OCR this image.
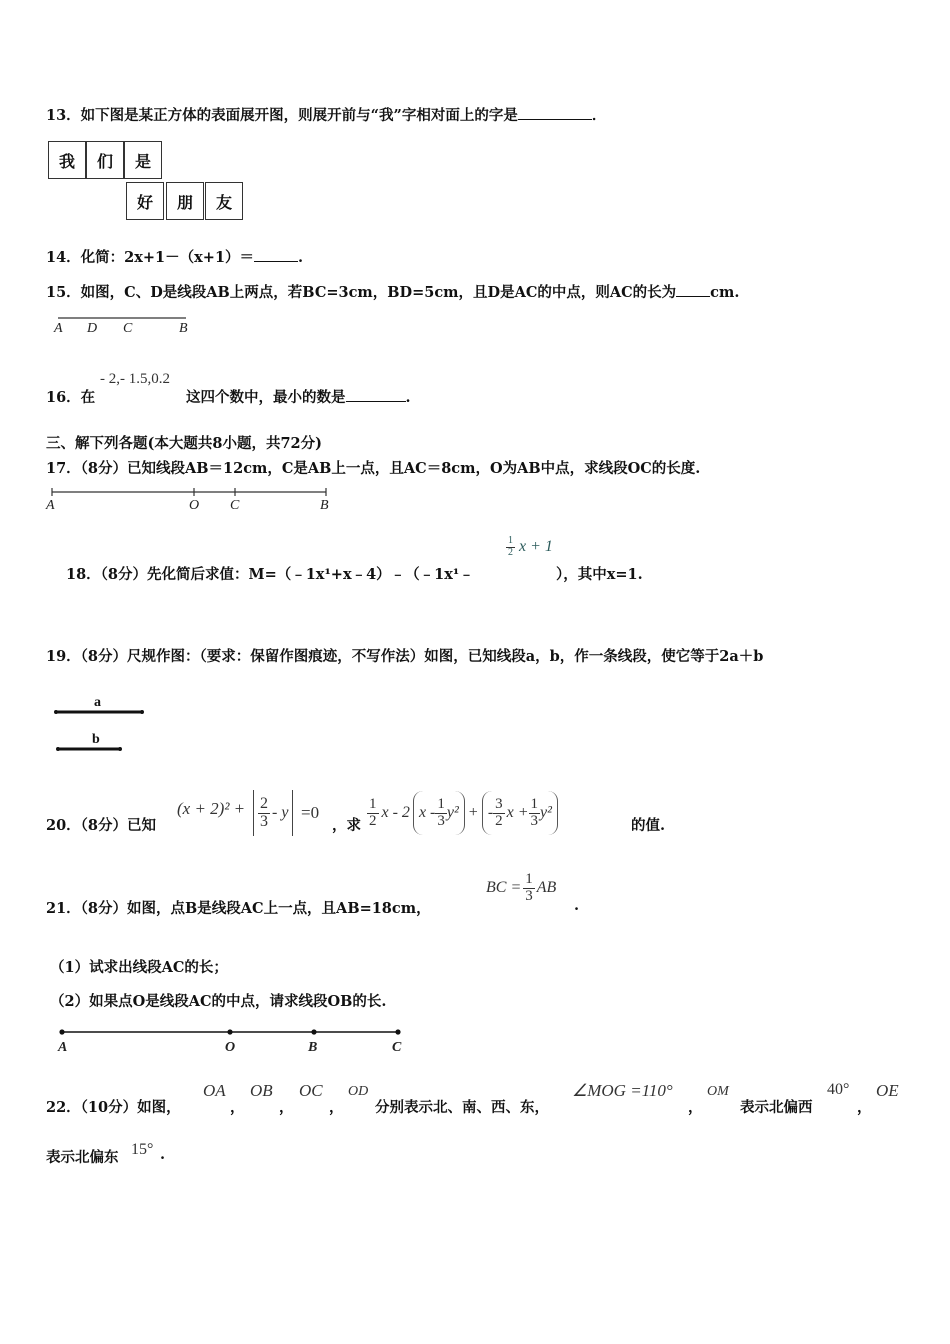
13．如下图是某正方体的表面展开图，则展开前与“我”字相对面上的字是	．
我	们	是
好	朋	友
14．化简：2x+1－（x+1）＝	.
15．如图，C、D是线段AB上两点，若BC=3cm，BD=5cm，且D是AC的中点，则AC的长为 cm.
A D C	B
16．在
- 2,- 1.5,0.2
这四个数中，最小的数是	.
三、解下列各题(本大题共8小题，共72分)
17．（8分）已知线段AB＝12cm，C是AB上一点，且AC＝8cm，O为AB中点，求线段OC的长度.
A	O C	B
18．（8分）先化简后求值：M=（﹣1x¹+x﹣4）﹣（﹣1x¹﹣
$\frac{1}{2}$ x + 1
），其中x=1.
19．（8分）尺规作图：（要求：保留作图痕迹，不写作法）如图，已知线段a，b，作一条线段，使它等于2a＋b
a
b
20．（8分）已知
$(x + 2)^2 + \frac{2}{3} - y =0$
，求 $\frac{1}{2}$ x - 2 x - $\frac{1}{3} y^2$ + - $\frac{3}{2}$ $x + \frac{1}{3} y^2$
的值.
21．（8分）如图，点B是线段AC上一点，且AB=18cm，
BC = $\frac{1}{3}$ AB
.
（1）试求出线段AC的长；
（2）如果点O是线段AC的中点，请求线段OB的长.
A	O	B	C
22．（10分）如图，
OA
，
OB
，
OC
，
OD
分别表示北、南、西、东，
∠MOG =110°
，
OM
表示北偏西
40°
，
OE
表示北偏东 15° .
